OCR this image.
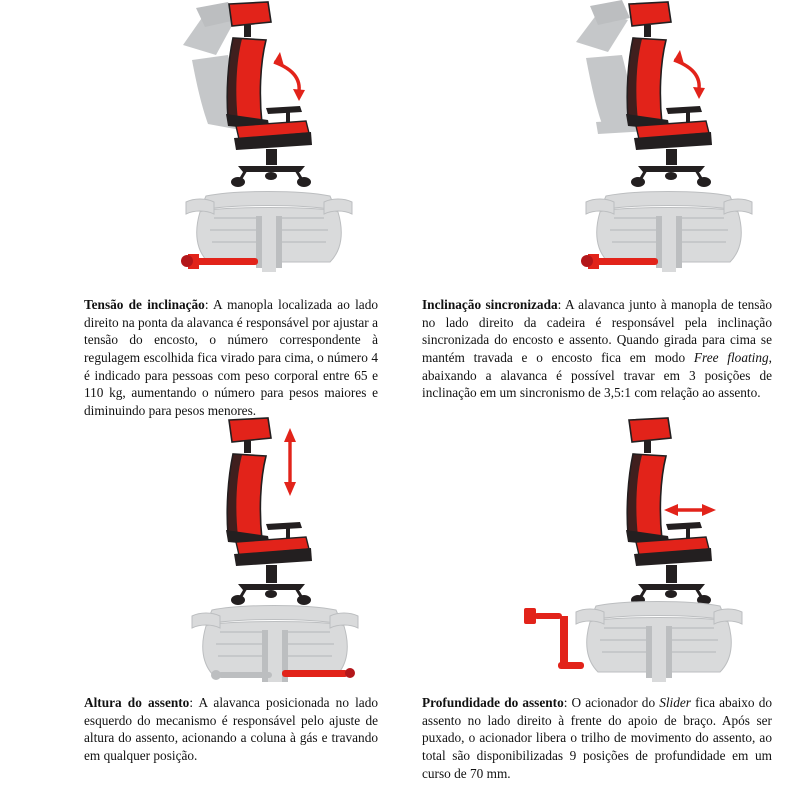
Tensão de inclinação: A manopla localizada ao lado direito na ponta da alavanca é responsável por ajustar a tensão do encosto, o número correspondente à regulagem escolhida fica virado para cima, o número 4 é indicado para pessoas com peso corporal entre 65 e 110 kg, aumentando o número para pesos maiores e diminuindo para pesos menores.
Inclinação sincronizada: A alavanca junto à manopla de tensão no lado direito da cadeira é responsável pela inclinação sincronizada do encosto e assento. Quando girada para cima se mantém travada e o encosto fica em modo Free floating, abaixando a alavanca é possível travar em 3 posições de inclinação em um sincronismo de 3,5:1 com relação ao assento.
Altura do assento: A alavanca posicionada no lado esquerdo do mecanismo é responsável pelo ajuste de altura do assento, acionando a coluna à gás e travando em qualquer posição.
Profundidade do assento: O acionador do Slider fica abaixo do assento no lado direito à frente do apoio de braço. Após ser puxado, o acionador libera o trilho de movimento do assento, ao total são disponibilizadas 9 posições de profundidade em um curso de 70 mm.
